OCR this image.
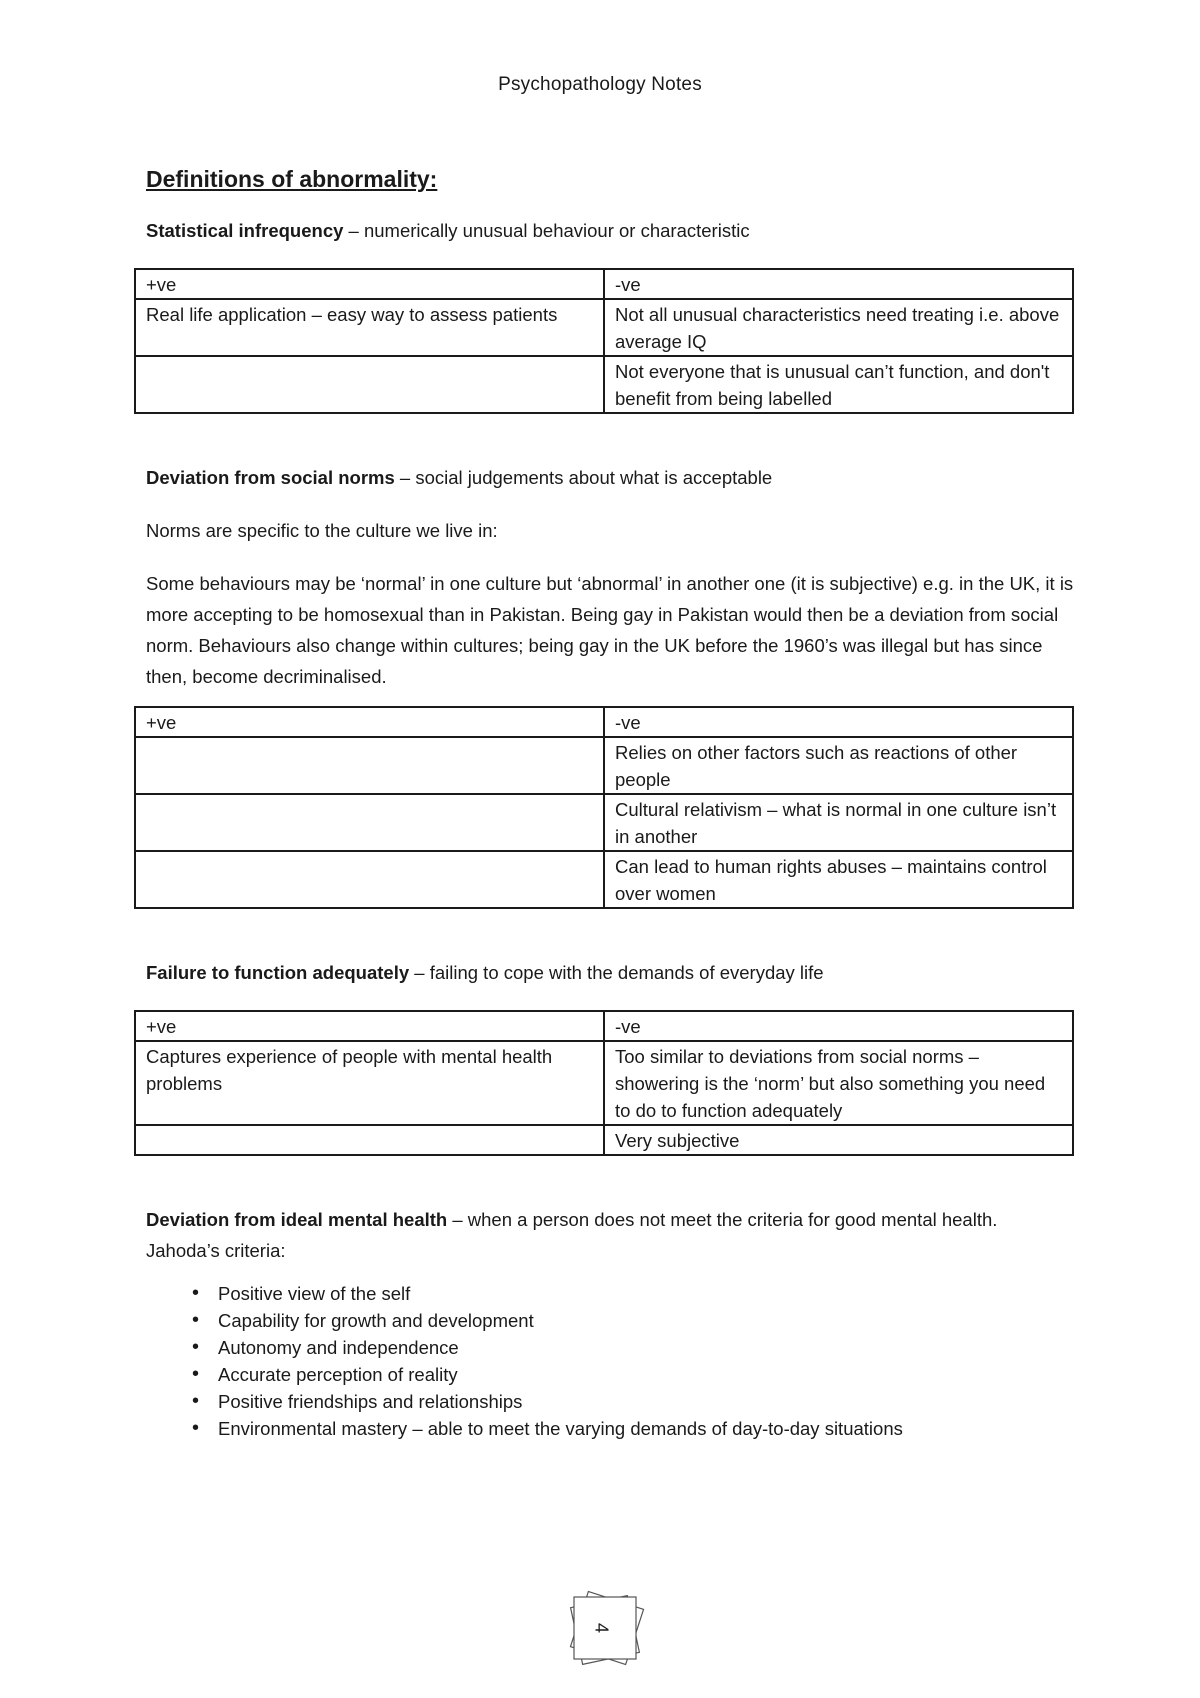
Psychopathology Notes
Definitions of abnormality:

Statistical infrequency – numerically unusual behaviour or characteristic

+ve	-ve
Real life application – easy way to assess patients	Not all unusual characteristics need treating i.e. above average IQ
	Not everyone that is unusual can’t function, and don't benefit from being labelled

Deviation from social norms – social judgements about what is acceptable

Norms are specific to the culture we live in:

Some behaviours may be ‘normal’ in one culture but ‘abnormal’ in another one (it is subjective) e.g. in the UK, it is more accepting to be homosexual than in Pakistan. Being gay in Pakistan would then be a deviation from social norm. Behaviours also change within cultures; being gay in the UK before the 1960’s was illegal but has since then, become decriminalised.

+ve	-ve
	Relies on other factors such as reactions of other people
	Cultural relativism – what is normal in one culture isn’t in another
	Can lead to human rights abuses – maintains control over women

Failure to function adequately – failing to cope with the demands of everyday life

+ve	-ve
Captures experience of people with mental health problems	Too similar to deviations from social norms – showering is the ‘norm’ but also something you need to do to function adequately
	Very subjective

Deviation from ideal mental health – when a person does not meet the criteria for good mental health. Jahoda’s criteria:

• Positive view of the self
• Capability for growth and development
• Autonomy and independence
• Accurate perception of reality
• Positive friendships and relationships
• Environmental mastery – able to meet the varying demands of day-to-day situations
4
